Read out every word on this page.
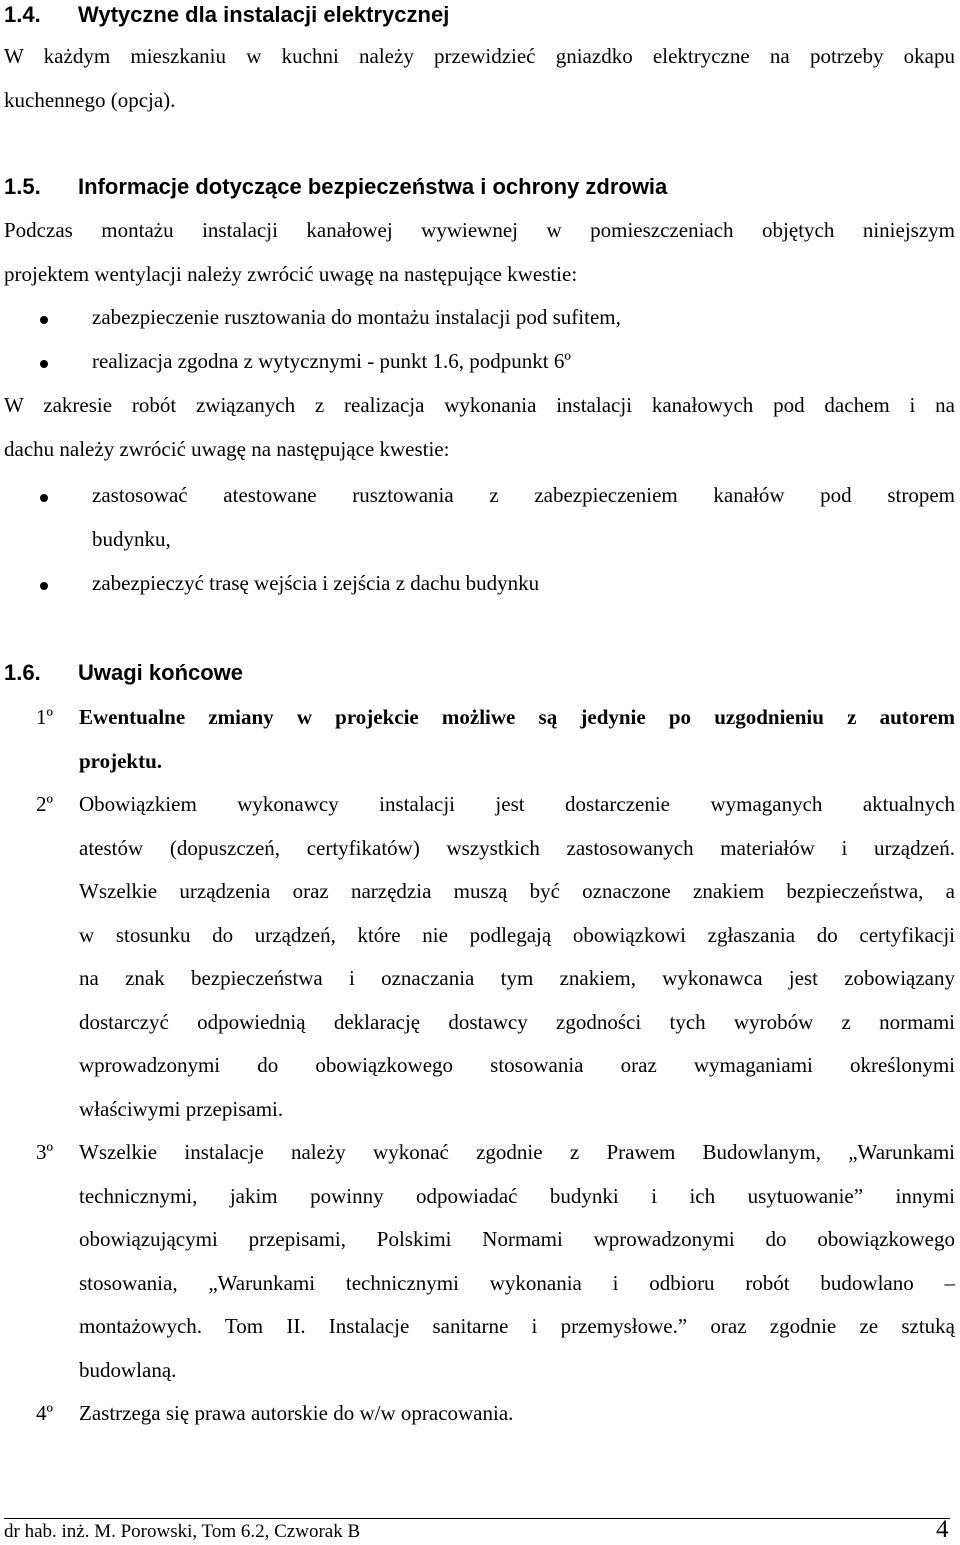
1.4. Wytyczne dla instalacji elektrycznej
W każdym mieszkaniu w kuchni należy przewidzieć gniazdko elektryczne na potrzeby okapu
kuchennego (opcja).
1.5. Informacje dotyczące bezpieczeństwa i ochrony zdrowia
Podczas montażu instalacji kanałowej wywiewnej w pomieszczeniach objętych niniejszym
projektem wentylacji należy zwrócić uwagę na następujące kwestie:
zabezpieczenie rusztowania do montażu instalacji pod sufitem,
realizacja zgodna z wytycznymi - punkt 1.6, podpunkt 6º
W zakresie robót związanych z realizacja wykonania instalacji kanałowych pod dachem i na
dachu należy zwrócić uwagę na następujące kwestie:
zastosować atestowane rusztowania z zabezpieczeniem kanałów pod stropem
budynku,
zabezpieczyć trasę wejścia i zejścia z dachu budynku
1.6. Uwagi końcowe
1º Ewentualne zmiany w projekcie możliwe są jedynie po uzgodnieniu z autorem
projektu.
2º Obowiązkiem wykonawcy instalacji jest dostarczenie wymaganych aktualnych
atestów (dopuszczeń, certyfikatów) wszystkich zastosowanych materiałów i urządzeń.
Wszelkie urządzenia oraz narzędzia muszą być oznaczone znakiem bezpieczeństwa, a
w stosunku do urządzeń, które nie podlegają obowiązkowi zgłaszania do certyfikacji
na znak bezpieczeństwa i oznaczania tym znakiem, wykonawca jest zobowiązany
dostarczyć odpowiednią deklarację dostawcy zgodności tych wyrobów z normami
wprowadzonymi do obowiązkowego stosowania oraz wymaganiami określonymi
właściwymi przepisami.
3º Wszelkie instalacje należy wykonać zgodnie z Prawem Budowlanym, „Warunkami
technicznymi, jakim powinny odpowiadać budynki i ich usytuowanie” innymi
obowiązującymi przepisami, Polskimi Normami wprowadzonymi do obowiązkowego
stosowania, „Warunkami technicznymi wykonania i odbioru robót budowlano –
montażowych. Tom II. Instalacje sanitarne i przemysłowe.” oraz zgodnie ze sztuką
budowlaną.
4º Zastrzega się prawa autorskie do w/w opracowania.
dr hab. inż. M. Porowski, Tom 6.2, Czworak B	4
